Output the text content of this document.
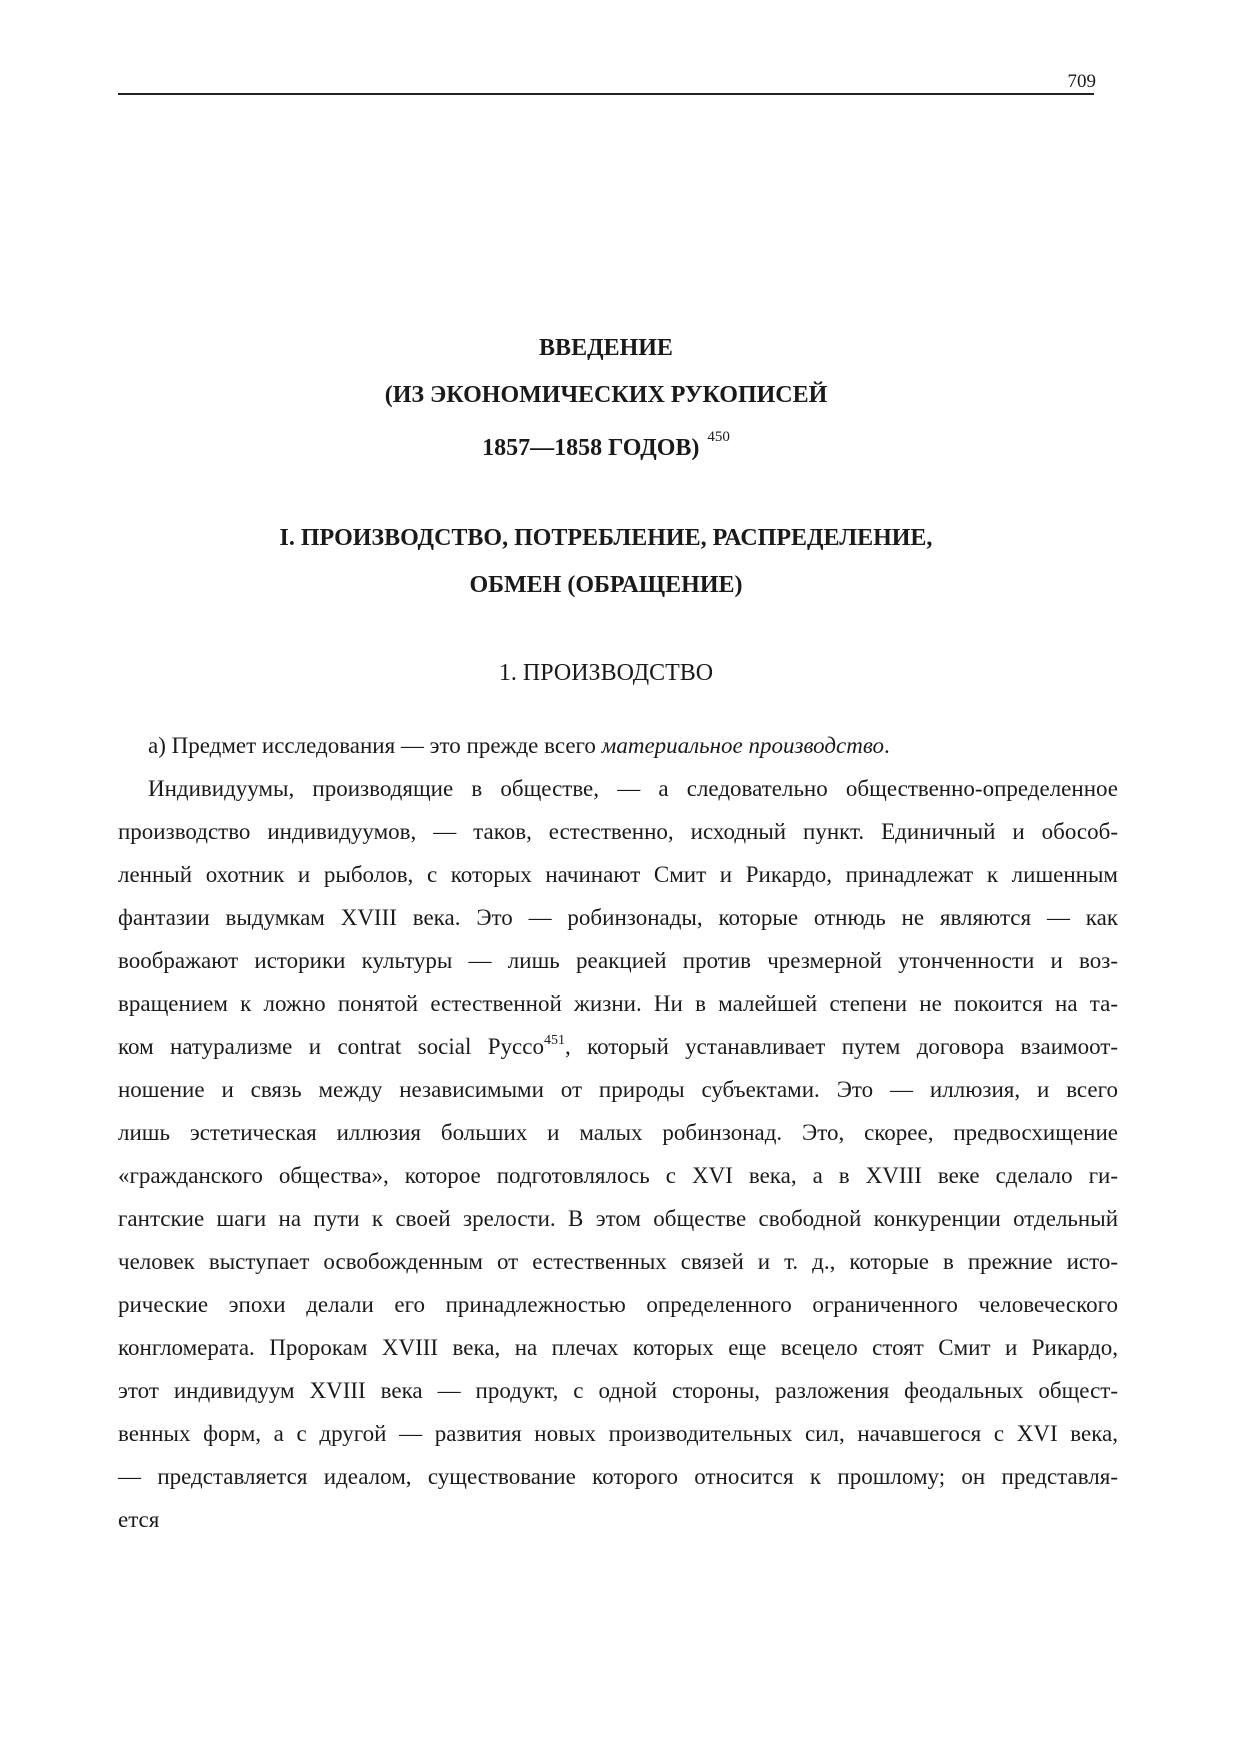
709
ВВЕДЕНИЕ
(ИЗ ЭКОНОМИЧЕСКИХ РУКОПИСЕЙ
1857—1858 ГОДОВ) $^{450}$
I. ПРОИЗВОДСТВО, ПОТРЕБЛЕНИЕ, РАСПРЕДЕЛЕНИЕ,
ОБМЕН (ОБРАЩЕНИЕ)
1. ПРОИЗВОДСТВО
а) Предмет исследования — это прежде всего материальное производство.
Индивидуумы, производящие в обществе, — а следовательно общественно-определенное
производство индивидуумов, — таков, естественно, исходный пункт. Единичный и обособ-
ленный охотник и рыболов, с которых начинают Смит и Рикардо, принадлежат к лишенным
фантазии выдумкам XVIII века. Это — робинзонады, которые отнюдь не являются — как
воображают историки культуры — лишь реакцией против чрезмерной утонченности и воз-
вращением к ложно понятой естественной жизни. Ни в малейшей степени не покоится на та-
ком натурализме и contrat social Руссо$^{451}$, который устанавливает путем договора взаимоот-
ношение и связь между независимыми от природы субъектами. Это — иллюзия, и всего
лишь эстетическая иллюзия больших и малых робинзонад. Это, скорее, предвосхищение
«гражданского общества», которое подготовлялось с XVI века, а в XVIII веке сделало ги-
гантские шаги на пути к своей зрелости. В этом обществе свободной конкуренции отдельный
человек выступает освобожденным от естественных связей и т. д., которые в прежние исто-
рические эпохи делали его принадлежностью определенного ограниченного человеческого
конгломерата. Пророкам XVIII века, на плечах которых еще всецело стоят Смит и Рикардо,
этот индивидуум XVIII века — продукт, с одной стороны, разложения феодальных общест-
венных форм, а с другой — развития новых производительных сил, начавшегося с XVI века,
— представляется идеалом, существование которого относится к прошлому; он представля-
ется
